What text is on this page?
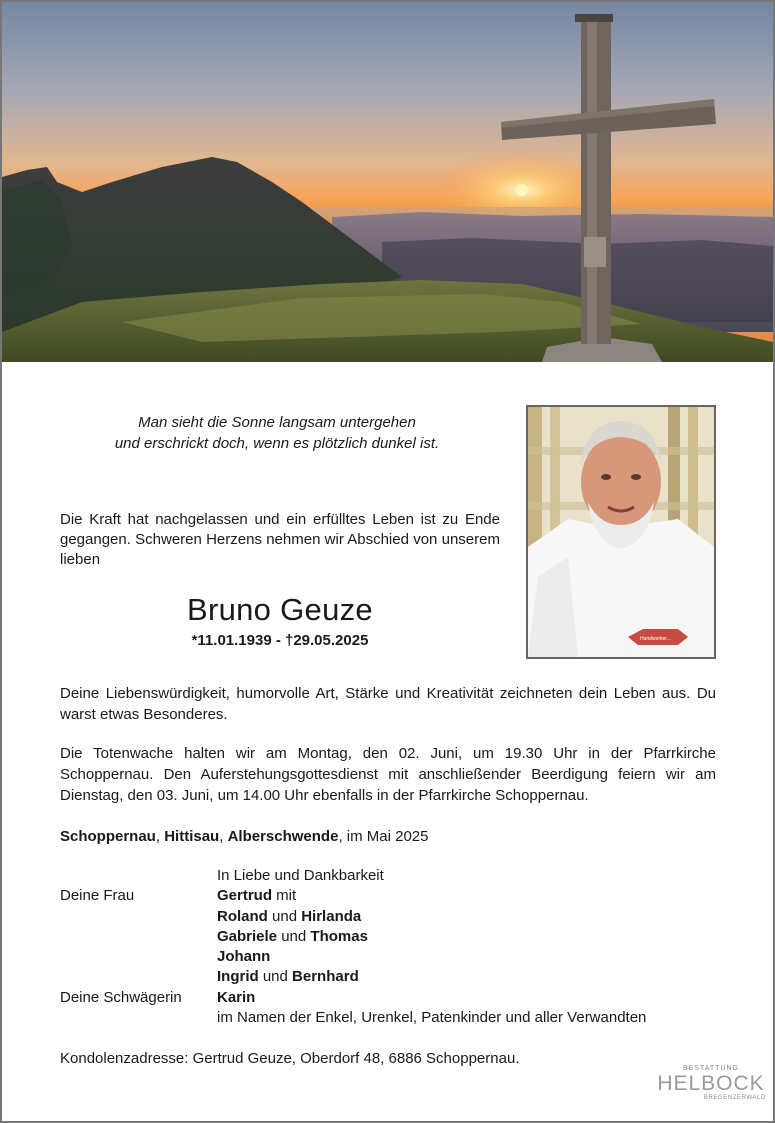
Man sieht die Sonne langsam untergehen
und erschrickt doch, wenn es plötzlich dunkel ist.
Handwerker...
Die Kraft hat nachgelassen und ein erfülltes Leben ist zu Ende gegangen. Schweren Herzens nehmen wir Abschied von unserem lieben
Bruno Geuze
*11.01.1939 - †29.05.2025
Deine Liebenswürdigkeit, humorvolle Art, Stärke und Kreativität zeichneten dein Leben aus. Du warst etwas Besonderes.
Die Totenwache halten wir am Montag, den 02. Juni, um 19.30 Uhr in der Pfarrkirche Schoppernau. Den Auferstehungsgottesdienst mit anschließender Beerdigung feiern wir am Dienstag, den 03. Juni, um 14.00 Uhr ebenfalls in der Pfarrkirche Schoppernau.
Schoppernau, Hittisau, Alberschwende, im Mai 2025
In Liebe und Dankbarkeit
Deine Frau	Gertrud mit
Roland und Hirlanda
Gabriele und Thomas
Johann
Ingrid und Bernhard
Deine Schwägerin	Karin
im Namen der Enkel, Urenkel, Patenkinder und aller Verwandten
Kondolenzadresse: Gertrud Geuze, Oberdorf 48, 6886 Schoppernau.
BESTATTUNG
HELBOCK
BREGENZERWALD
